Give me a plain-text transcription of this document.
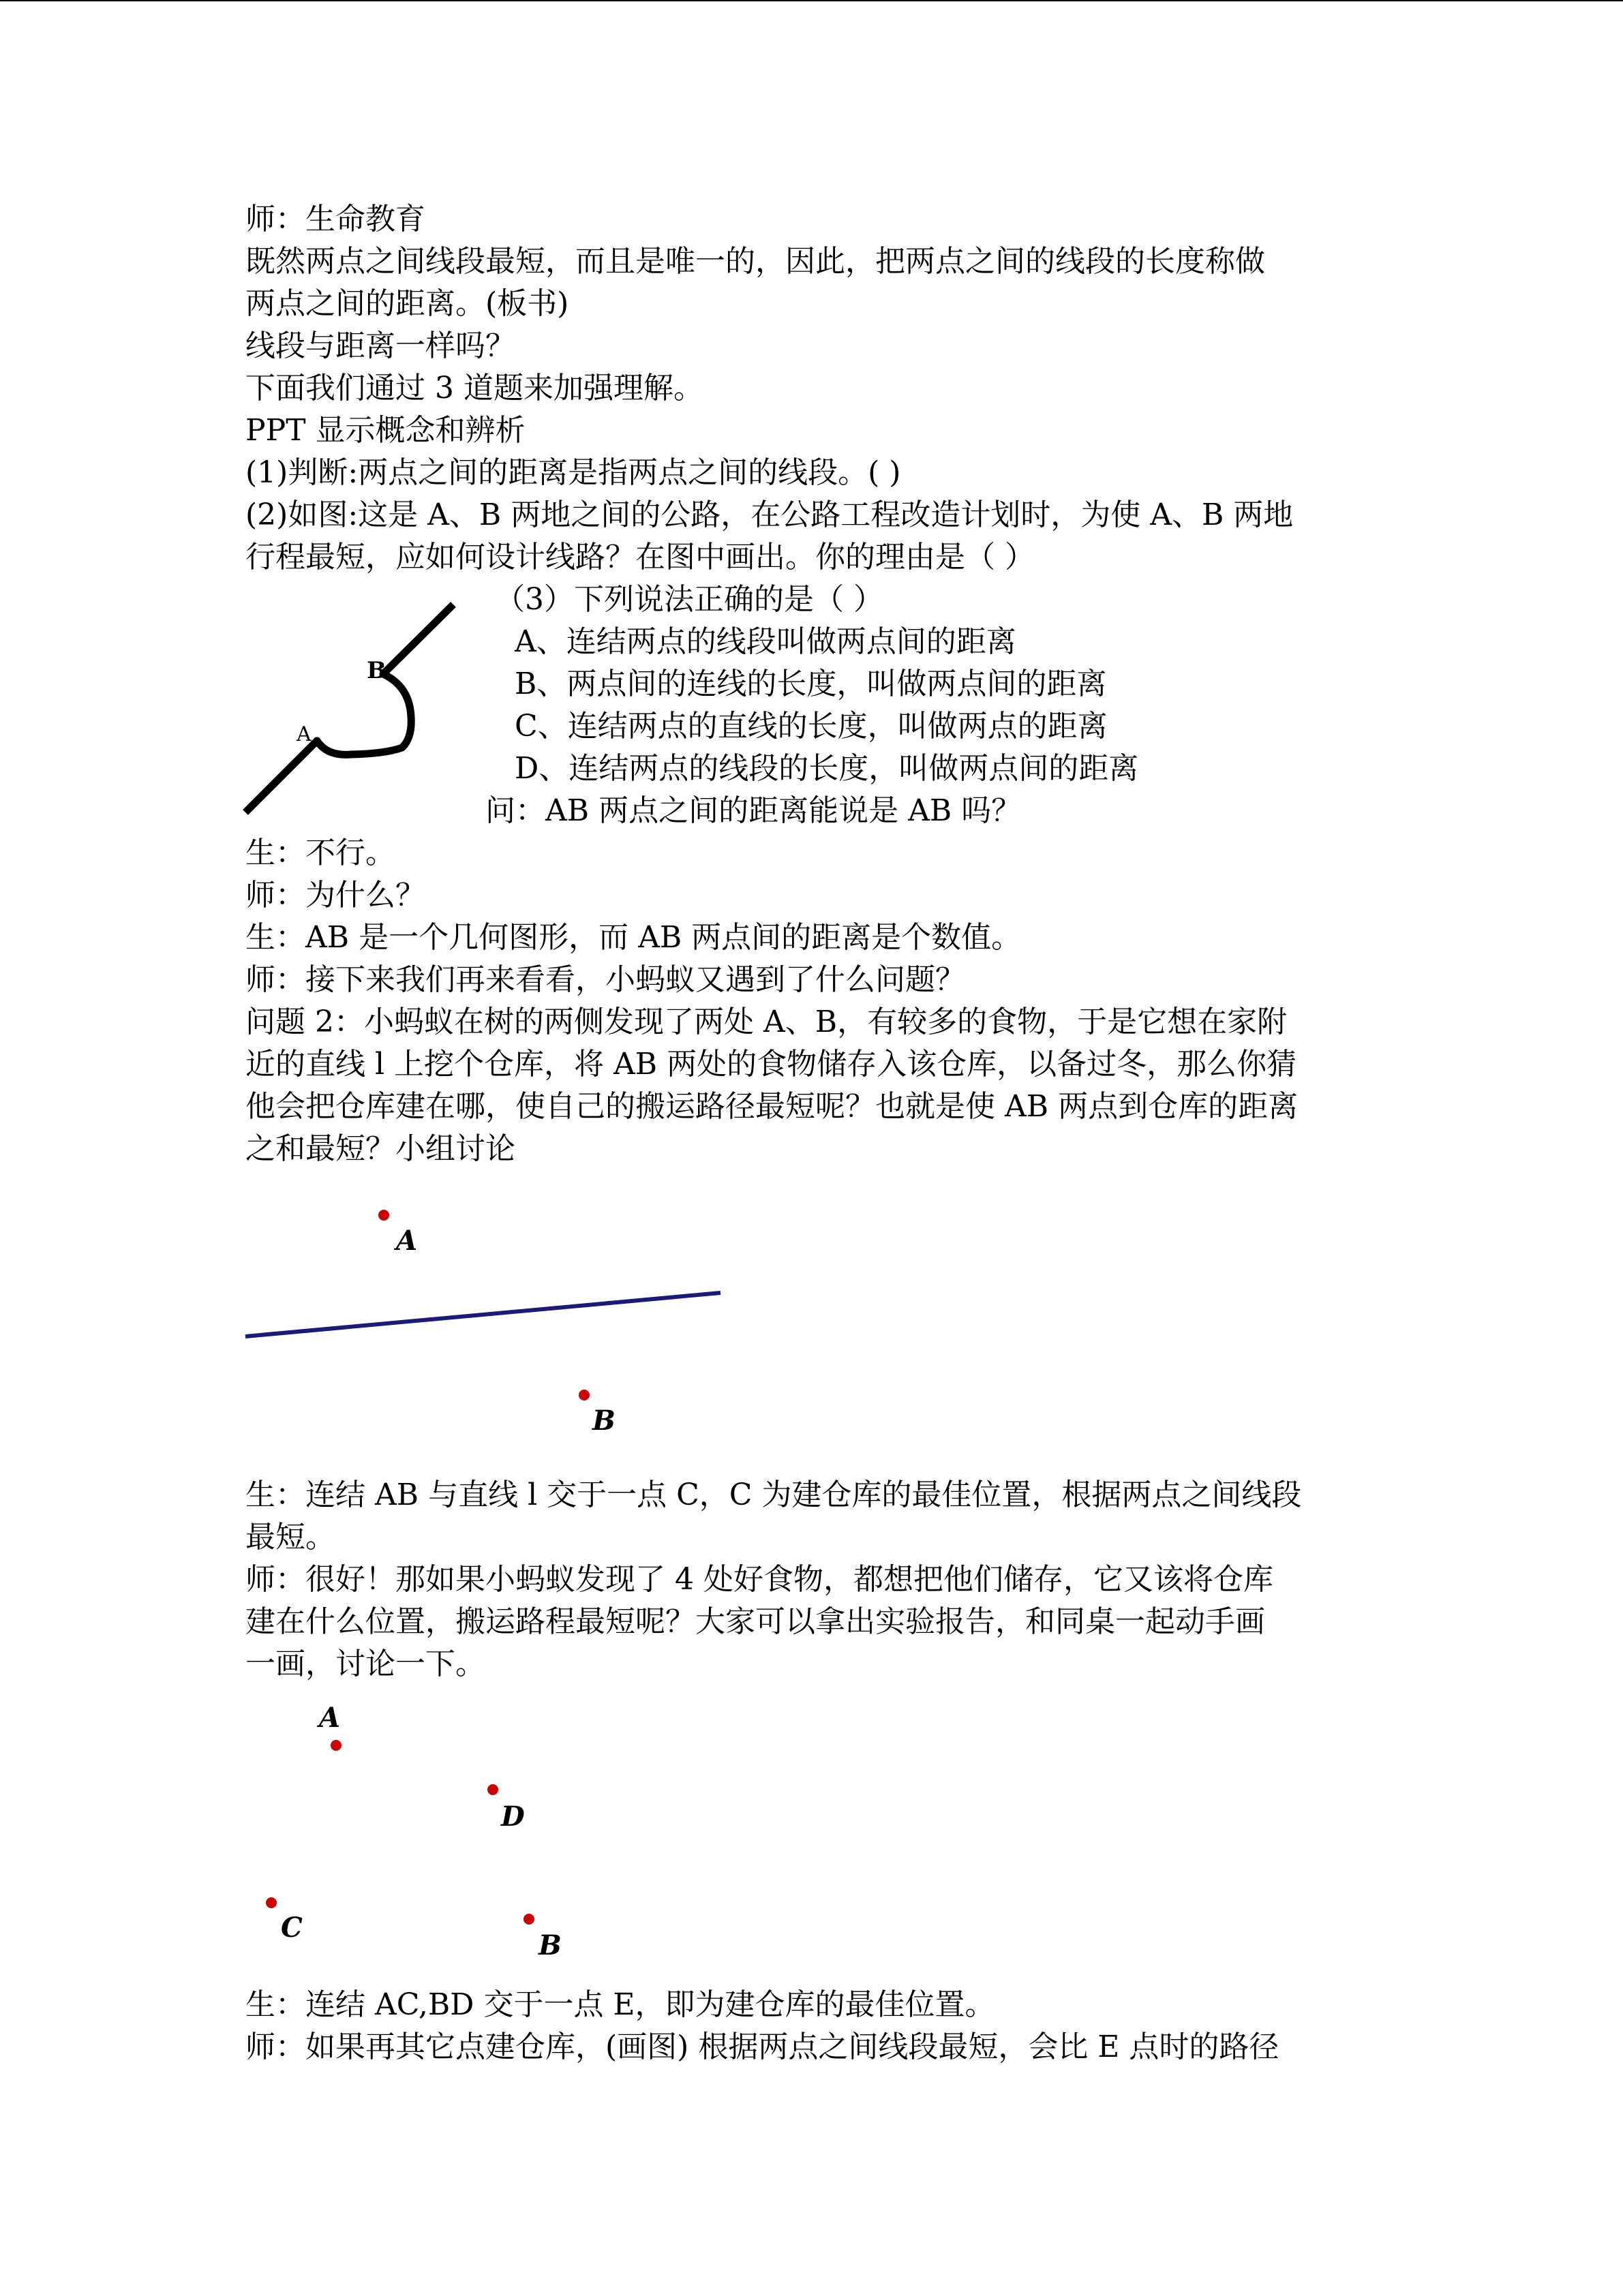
师：生命教育
既然两点之间线段最短，而且是唯一的，因此，把两点之间的线段的长度称做
两点之间的距离。(板书)
线段与距离一样吗？
下面我们通过 3 道题来加强理解。
PPT 显示概念和辨析
(1)判断:两点之间的距离是指两点之间的线段。( )
(2)如图:这是 A、B 两地之间的公路，在公路工程改造计划时，为使 A、B 两地
行程最短，应如何设计线路？在图中画出。你的理由是（ ）
A
B
（3）下列说法正确的是（ ）
A、连结两点的线段叫做两点间的距离
B、两点间的连线的长度，叫做两点间的距离
C、连结两点的直线的长度，叫做两点的距离
D、连结两点的线段的长度，叫做两点间的距离
问：AB 两点之间的距离能说是 AB 吗？
生：不行。
师：为什么？
生：AB 是一个几何图形，而 AB 两点间的距离是个数值。
师：接下来我们再来看看，小蚂蚁又遇到了什么问题？
问题 2：小蚂蚁在树的两侧发现了两处 A、B，有较多的食物，于是它想在家附
近的直线 l 上挖个仓库，将 AB 两处的食物储存入该仓库，以备过冬，那么你猜
他会把仓库建在哪，使自己的搬运路径最短呢？也就是使 AB 两点到仓库的距离
之和最短？小组讨论
A
B
生：连结 AB 与直线 l 交于一点 C，C 为建仓库的最佳位置，根据两点之间线段
最短。
师：很好！那如果小蚂蚁发现了 4 处好食物，都想把他们储存，它又该将仓库
建在什么位置，搬运路程最短呢？大家可以拿出实验报告，和同桌一起动手画
一画，讨论一下。
A
D
C
B
生：连结 AC,BD 交于一点 E，即为建仓库的最佳位置。
师：如果再其它点建仓库，(画图) 根据两点之间线段最短，会比 E 点时的路径
